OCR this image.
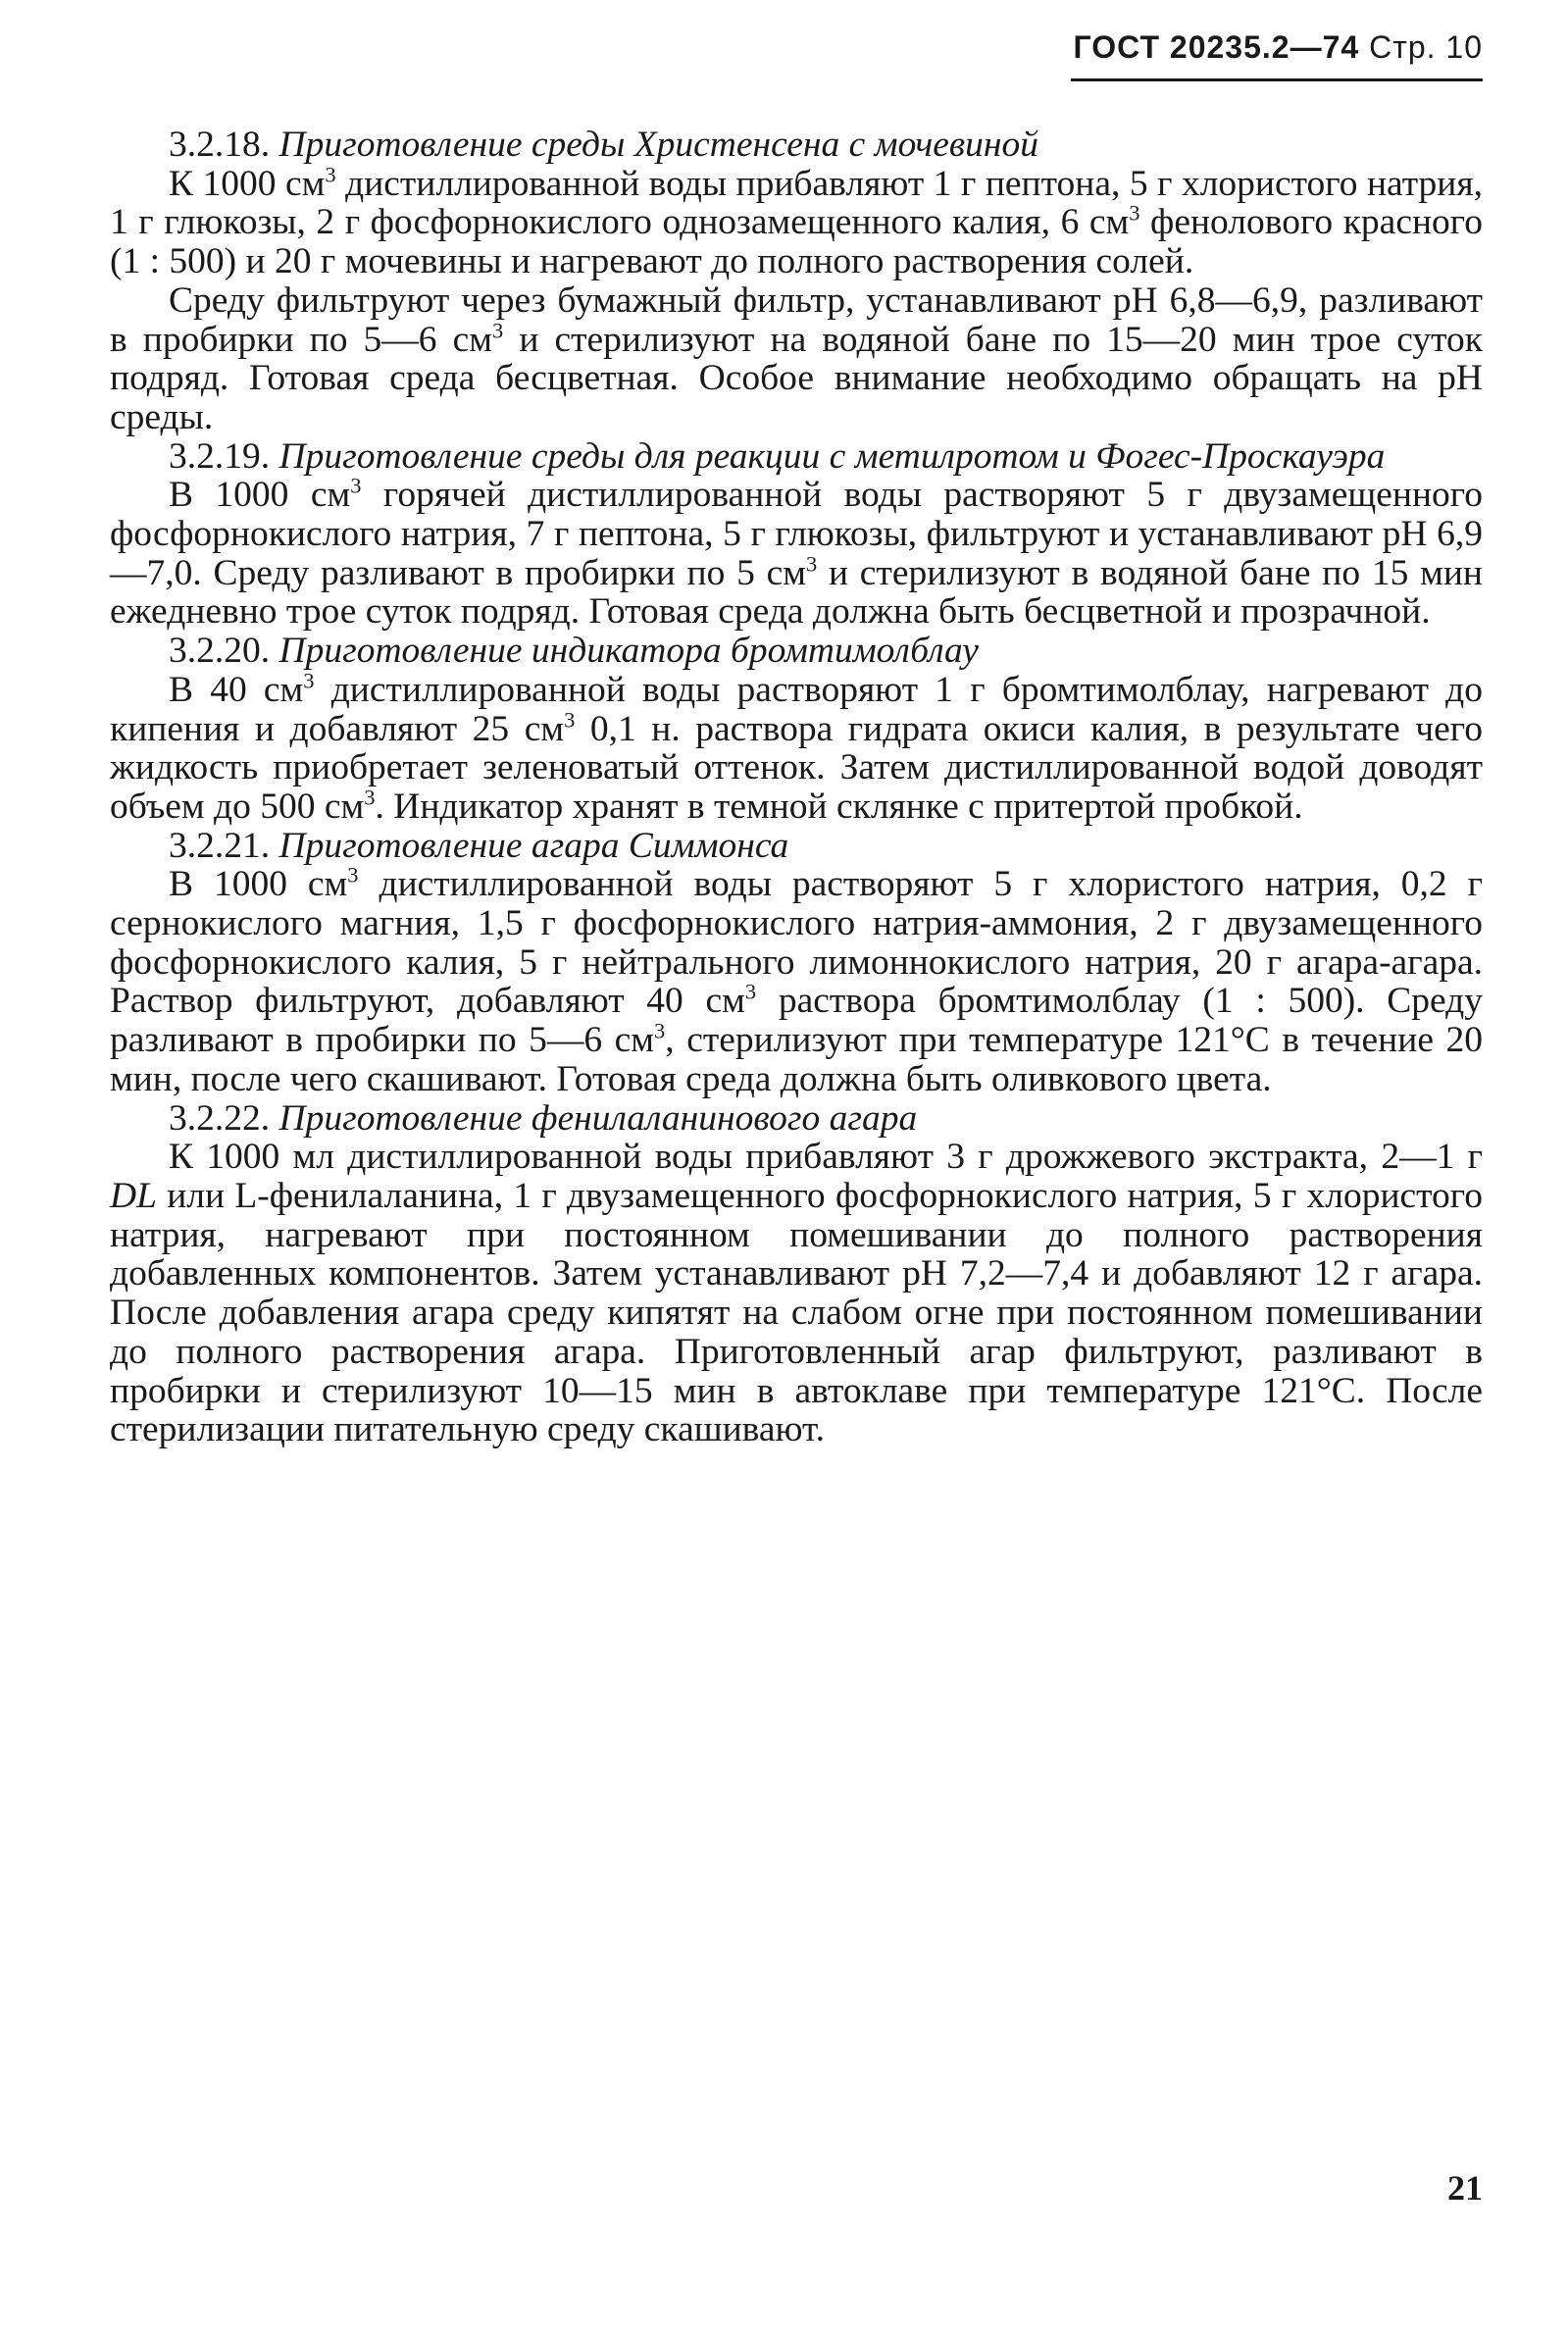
ГОСТ 20235.2—74 Стр. 10

3.2.18. Приготовление среды Христенсена с мочевиной

К 1000 $см^3$ дистиллированной воды прибавляют 1 г пептона, 5 г хлористого натрия, 1 г глюкозы, 2 г фосфорнокислого однозамещенного калия, 6 $см^3$ фенолового красного (1 : 500) и 20 г мочевины и нагревают до полного растворения солей.

Среду фильтруют через бумажный фильтр, устанавливают рН 6,8—6,9, разливают в пробирки по 5—6 $см^3$ и стерилизуют на водяной бане по 15—20 мин трое суток подряд. Готовая среда бесцветная. Особое внимание необходимо обращать на рН среды.

3.2.19. Приготовление среды для реакции с метилротом и Фогес-Проскауэра

В 1000 $см^3$ горячей дистиллированной воды растворяют 5 г двузамещенного фосфорнокислого натрия, 7 г пептона, 5 г глюкозы, фильтруют и устанавливают рН 6,9—7,0. Среду разливают в пробирки по 5 $см^3$ и стерилизуют в водяной бане по 15 мин ежедневно трое суток подряд. Готовая среда должна быть бесцветной и прозрачной.

3.2.20. Приготовление индикатора бромтимолблау

В 40 $см^3$ дистиллированной воды растворяют 1 г бромтимолблау, нагревают до кипения и добавляют 25 $см^3$ 0,1 н. раствора гидрата окиси калия, в результате чего жидкость приобретает зеленоватый оттенок. Затем дистиллированной водой доводят объем до 500 $см^3$. Индикатор хранят в темной склянке с притертой пробкой.

3.2.21. Приготовление агара Симмонса

В 1000 $см^3$ дистиллированной воды растворяют 5 г хлористого натрия, 0,2 г сернокислого магния, 1,5 г фосфорнокислого натрия-аммония, 2 г двузамещенного фосфорнокислого калия, 5 г нейтрального лимоннокислого натрия, 20 г агара-агара. Раствор фильтруют, добавляют 40 $см^3$ раствора бромтимолблау (1 : 500). Среду разливают в пробирки по 5—6 $см^3$, стерилизуют при температуре 121°С в течение 20 мин, после чего скашивают. Готовая среда должна быть оливкового цвета.

3.2.22. Приготовление фенилаланинового агара

К 1000 мл дистиллированной воды прибавляют 3 г дрожжевого экстракта, 2—1 г DL или L-фенилаланина, 1 г двузамещенного фосфорнокислого натрия, 5 г хлористого натрия, нагревают при постоянном помешивании до полного растворения добавленных компонентов. Затем устанавливают рН 7,2—7,4 и добавляют 12 г агара. После добавления агара среду кипятят на слабом огне при постоянном помешивании до полного растворения агара. Приготовленный агар фильтруют, разливают в пробирки и стерилизуют 10—15 мин в автоклаве при температуре 121°С. После стерилизации питательную среду скашивают.

21
